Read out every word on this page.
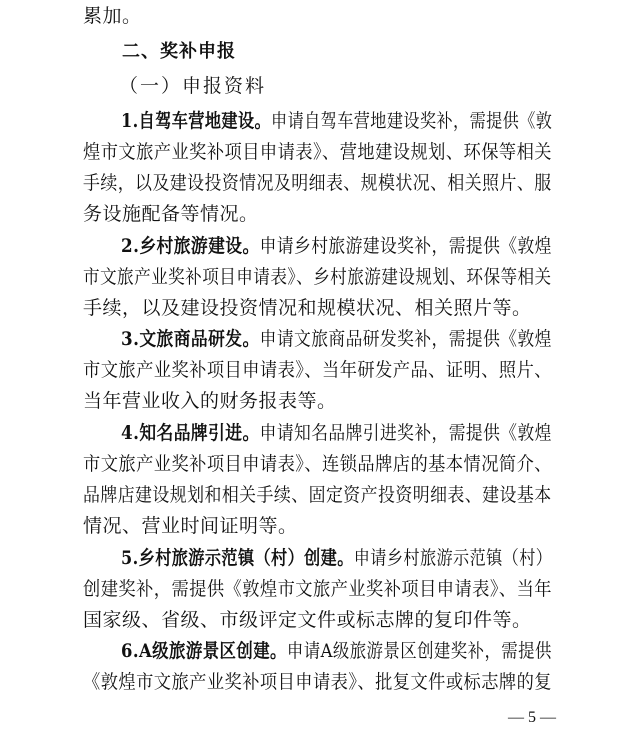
累加。
二、奖补申报
（一）申报资料
1.自驾车营地建设。申请自驾车营地建设奖补，需提供《敦
煌市文旅产业奖补项目申请表》、营地建设规划、环保等相关
手续，以及建设投资情况及明细表、规模状况、相关照片、服
务设施配备等情况。
2.乡村旅游建设。申请乡村旅游建设奖补，需提供《敦煌
市文旅产业奖补项目申请表》、乡村旅游建设规划、环保等相关
手续，以及建设投资情况和规模状况、相关照片等。
3.文旅商品研发。申请文旅商品研发奖补，需提供《敦煌
市文旅产业奖补项目申请表》、当年研发产品、证明、照片、
当年营业收入的财务报表等。
4.知名品牌引进。申请知名品牌引进奖补，需提供《敦煌
市文旅产业奖补项目申请表》、连锁品牌店的基本情况简介、
品牌店建设规划和相关手续、固定资产投资明细表、建设基本
情况、营业时间证明等。
5.乡村旅游示范镇（村）创建。申请乡村旅游示范镇（村）
创建奖补，需提供《敦煌市文旅产业奖补项目申请表》、当年
国家级、省级、市级评定文件或标志牌的复印件等。
6.A级旅游景区创建。申请A级旅游景区创建奖补，需提供
《敦煌市文旅产业奖补项目申请表》、批复文件或标志牌的复
— 5 —
